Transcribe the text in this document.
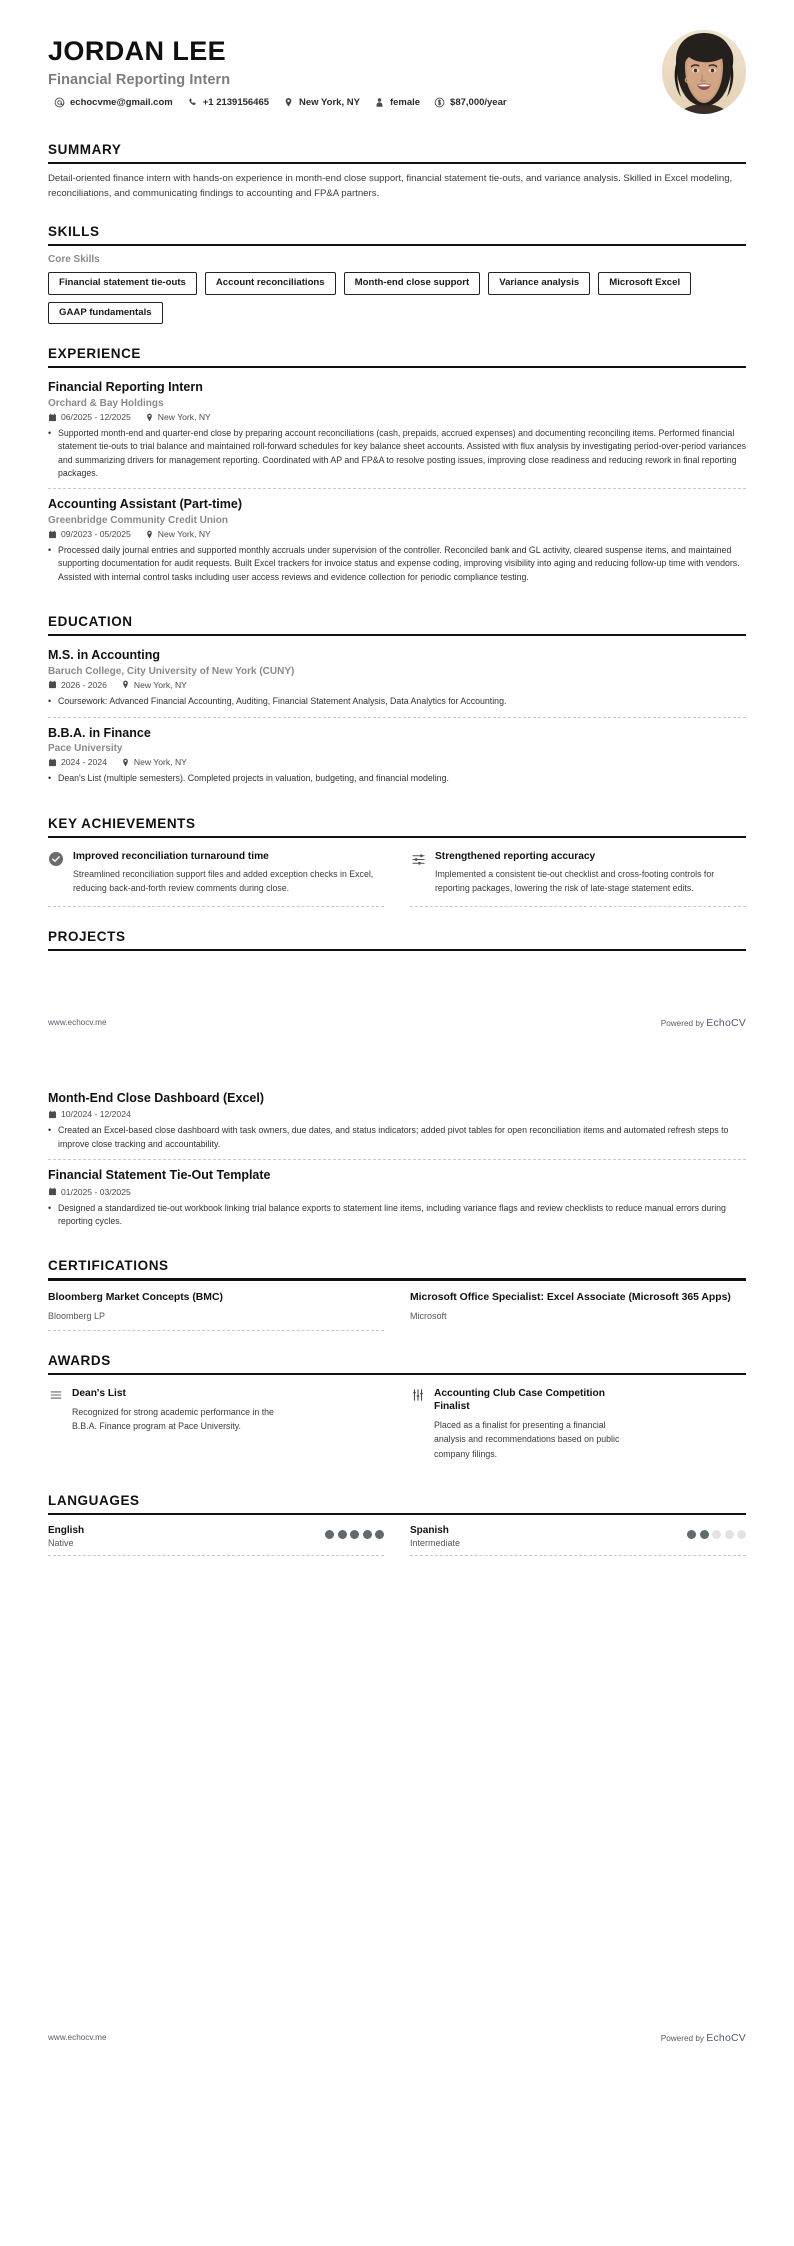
JORDAN LEE
Financial Reporting Intern
echocvme@gmail.com	+1 2139156465	New York, NY	female	$87,000/year
SUMMARY
Detail-oriented finance intern with hands-on experience in month-end close support, financial statement tie-outs, and variance analysis. Skilled in Excel modeling, reconciliations, and communicating findings to accounting and FP&A partners.
SKILLS
Core Skills
Financial statement tie-outs	Account reconciliations	Month-end close support	Variance analysis	Microsoft Excel
GAAP fundamentals
EXPERIENCE
Financial Reporting Intern
Orchard & Bay Holdings
06/2025 - 12/2025	New York, NY
• Supported month-end and quarter-end close by preparing account reconciliations (cash, prepaids, accrued expenses) and documenting reconciling items. Performed financial statement tie-outs to trial balance and maintained roll-forward schedules for key balance sheet accounts. Assisted with flux analysis by investigating period-over-period variances and summarizing drivers for management reporting. Coordinated with AP and FP&A to resolve posting issues, improving close readiness and reducing rework in final reporting packages.
Accounting Assistant (Part-time)
Greenbridge Community Credit Union
09/2023 - 05/2025	New York, NY
• Processed daily journal entries and supported monthly accruals under supervision of the controller. Reconciled bank and GL activity, cleared suspense items, and maintained supporting documentation for audit requests. Built Excel trackers for invoice status and expense coding, improving visibility into aging and reducing follow-up time with vendors. Assisted with internal control tasks including user access reviews and evidence collection for periodic compliance testing.
EDUCATION
M.S. in Accounting
Baruch College, City University of New York (CUNY)
2026 - 2026	New York, NY
• Coursework: Advanced Financial Accounting, Auditing, Financial Statement Analysis, Data Analytics for Accounting.
B.B.A. in Finance
Pace University
2024 - 2024	New York, NY
• Dean's List (multiple semesters). Completed projects in valuation, budgeting, and financial modeling.
KEY ACHIEVEMENTS
Improved reconciliation turnaround time
Streamlined reconciliation support files and added exception checks in Excel, reducing back-and-forth review comments during close.
Strengthened reporting accuracy
Implemented a consistent tie-out checklist and cross-footing controls for reporting packages, lowering the risk of late-stage statement edits.
PROJECTS
www.echocv.me	Powered by EchoCV
Month-End Close Dashboard (Excel)
10/2024 - 12/2024
• Created an Excel-based close dashboard with task owners, due dates, and status indicators; added pivot tables for open reconciliation items and automated refresh steps to improve close tracking and accountability.
Financial Statement Tie-Out Template
01/2025 - 03/2025
• Designed a standardized tie-out workbook linking trial balance exports to statement line items, including variance flags and review checklists to reduce manual errors during reporting cycles.
CERTIFICATIONS
Bloomberg Market Concepts (BMC)
Bloomberg LP
Microsoft Office Specialist: Excel Associate (Microsoft 365 Apps)
Microsoft
AWARDS
Dean's List
Recognized for strong academic performance in the B.B.A. Finance program at Pace University.
Accounting Club Case Competition Finalist
Placed as a finalist for presenting a financial analysis and recommendations based on public company filings.
LANGUAGES
English
Native
Spanish
Intermediate
www.echocv.me	Powered by EchoCV
